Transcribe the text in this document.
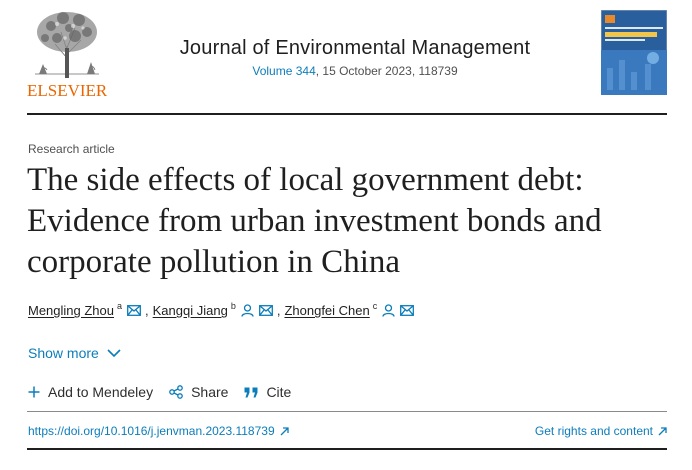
ELSEVIER
Journal of Environmental Management
Volume 344, 15 October 2023, 118739
Research article
The side effects of local government debt: Evidence from urban investment bonds and corporate pollution in China
Mengling Zhou a , Kangqi Jiang b	, Zhongfei Chen c
Show more
Add to Mendeley	Share	Cite
https://doi.org/10.1016/j.jenvman.2023.118739	Get rights and content
